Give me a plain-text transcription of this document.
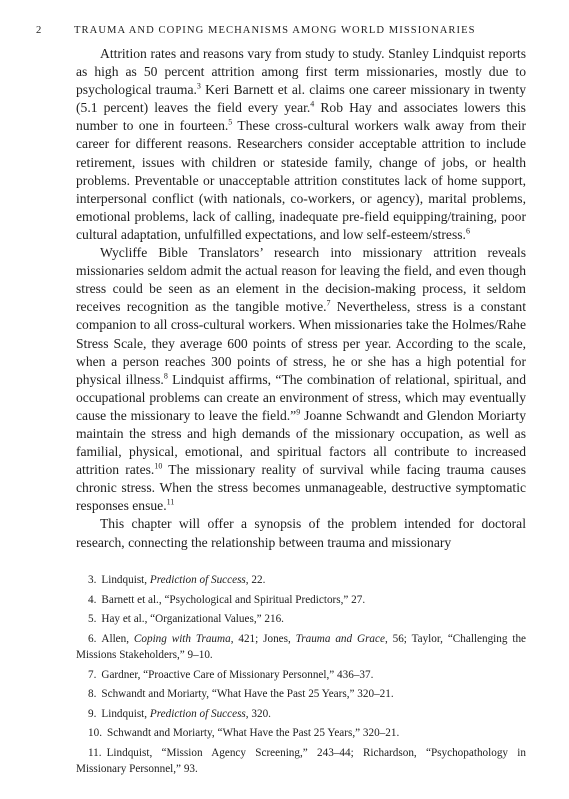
2	TRAUMA AND COPING MECHANISMS AMONG WORLD MISSIONARIES

Attrition rates and reasons vary from study to study. Stanley Lindquist reports as high as 50 percent attrition among first term missionaries, mostly due to psychological trauma.$^3$ Keri Barnett et al. claims one career missionary in twenty (5.1 percent) leaves the field every year.$^4$ Rob Hay and associates lowers this number to one in fourteen.$^5$ These cross-cultural workers walk away from their career for different reasons. Researchers consider acceptable attrition to include retirement, issues with children or stateside family, change of jobs, or health problems. Preventable or unacceptable attrition constitutes lack of home support, interpersonal conflict (with nationals, co-workers, or agency), marital problems, emotional problems, lack of calling, inadequate pre-field equipping/training, poor cultural adaptation, unfulfilled expectations, and low self-esteem/stress.$^6$

Wycliffe Bible Translators’ research into missionary attrition reveals missionaries seldom admit the actual reason for leaving the field, and even though stress could be seen as an element in the decision-making process, it seldom receives recognition as the tangible motive.$^7$ Nevertheless, stress is a constant companion to all cross-cultural workers. When missionaries take the Holmes/Rahe Stress Scale, they average 600 points of stress per year. According to the scale, when a person reaches 300 points of stress, he or she has a high potential for physical illness.$^8$ Lindquist affirms, “The combination of relational, spiritual, and occupational problems can create an environment of stress, which may eventually cause the missionary to leave the field.”$^9$ Joanne Schwandt and Glendon Moriarty maintain the stress and high demands of the missionary occupation, as well as familial, physical, emotional, and spiritual factors all contribute to increased attrition rates.$^{10}$ The missionary reality of survival while facing trauma causes chronic stress. When the stress becomes unmanageable, destructive symptomatic responses ensue.$^{11}$

This chapter will offer a synopsis of the problem intended for doctoral research, connecting the relationship between trauma and missionary

3. Lindquist, Prediction of Success, 22.

4. Barnett et al., “Psychological and Spiritual Predictors,” 27.

5. Hay et al., “Organizational Values,” 216.

6. Allen, Coping with Trauma, 421; Jones, Trauma and Grace, 56; Taylor, “Challenging the Missions Stakeholders,” 9–10.

7. Gardner, “Proactive Care of Missionary Personnel,” 436–37.

8. Schwandt and Moriarty, “What Have the Past 25 Years,” 320–21.

9. Lindquist, Prediction of Success, 320.

10. Schwandt and Moriarty, “What Have the Past 25 Years,” 320–21.

11. Lindquist, “Mission Agency Screening,” 243–44; Richardson, “Psychopathology in Missionary Personnel,” 93.
